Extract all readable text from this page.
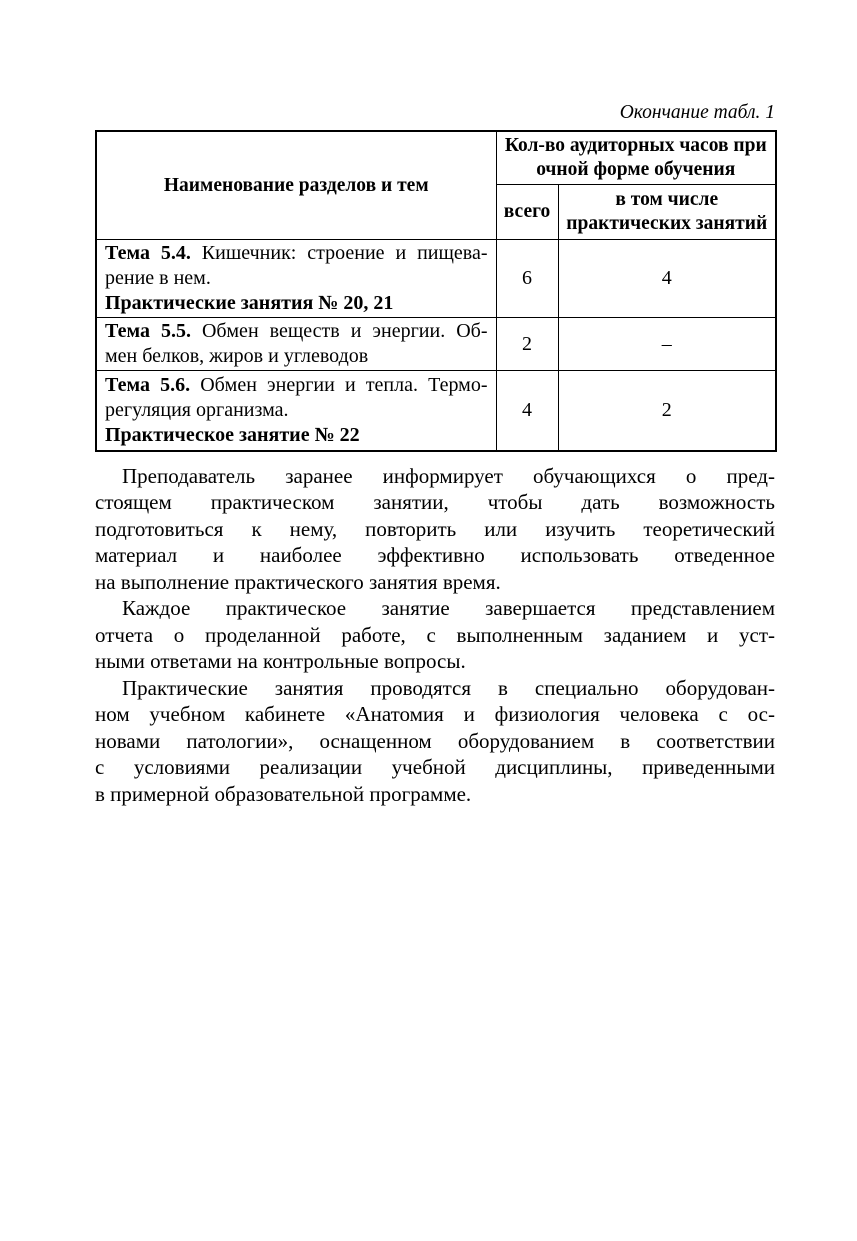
Окончание табл. 1
Наименование разделов и тем	Кол-во аудиторных часов при
очной форме обучения	

	всего	в том числе
практических занятий

Тема 5.4. Кишечник: строение и пищева-
рение в нем.
Практические занятия № 20, 21	6	4

Тема 5.5. Обмен веществ и энергии. Об-
мен белков, жиров и углеводов	2	–

Тема 5.6. Обмен энергии и тепла. Термо-
регуляция организма.
Практическое занятие № 22	4	2
Преподаватель заранее информирует обучающихся о пред-
стоящем практическом занятии, чтобы дать возможность
подготовиться к нему, повторить или изучить теоретический
материал и наиболее эффективно использовать отведенное
на выполнение практического занятия время.
Каждое практическое занятие завершается представлением
отчета о проделанной работе, с выполненным заданием и уст-
ными ответами на контрольные вопросы.
Практические занятия проводятся в специально оборудован-
ном учебном кабинете «Анатомия и физиология человека с ос-
новами патологии», оснащенном оборудованием в соответствии
с условиями реализации учебной дисциплины, приведенными
в примерной образовательной программе.
